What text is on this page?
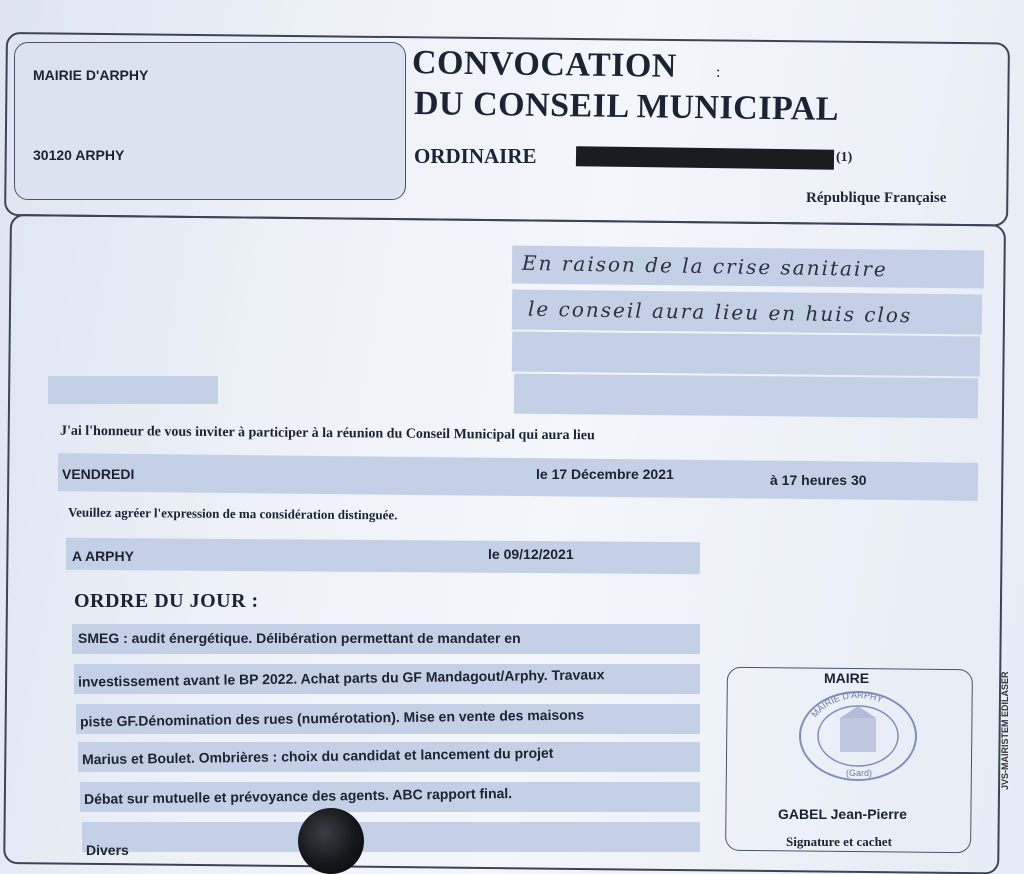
MAIRIE D'ARPHY
30120 ARPHY
CONVOCATION :
DU CONSEIL MUNICIPAL
ORDINAIRE	(1)
République Française
En raison de la crise sanitaire
le conseil aura lieu en huis clos
J'ai l'honneur de vous inviter à participer à la réunion du Conseil Municipal qui aura lieu
VENDREDI	le 17 Décembre 2021	à 17 heures 30
Veuillez agréer l'expression de ma considération distinguée.
A ARPHY	le 09/12/2021
ORDRE DU JOUR :
SMEG : audit énergétique. Délibération permettant de mandater en
investissement avant le BP 2022. Achat parts du GF Mandagout/Arphy. Travaux
piste GF.Dénomination des rues (numérotation). Mise en vente des maisons
Marius et Boulet. Ombrières : choix du candidat et lancement du projet
Débat sur mutuelle et prévoyance des agents. ABC rapport final.
Divers
MAIRE
MAIRIE D'ARPHY
(Gard)
GABEL Jean-Pierre
Signature et cachet
JVS-MAIRISTEM EDILASER
